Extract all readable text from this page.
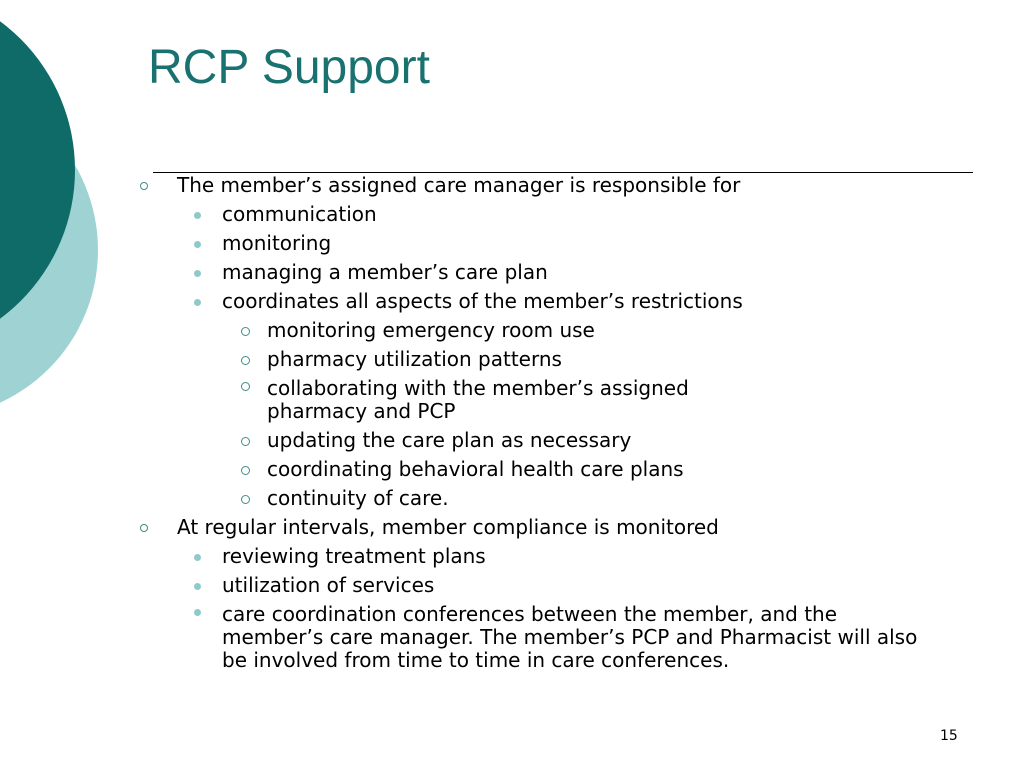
RCP Support
The member’s assigned care manager is responsible for
communication
monitoring
managing a member’s care plan
coordinates all aspects of the member’s restrictions
monitoring emergency room use
pharmacy utilization patterns
collaborating with the member’s assigned pharmacy and PCP
updating the care plan as necessary
coordinating behavioral health care plans
continuity of care.
At regular intervals, member compliance is monitored
reviewing treatment plans
utilization of services
care coordination conferences between the member, and the member’s care manager. The member’s PCP and Pharmacist will also be involved from time to time in care conferences.
15
